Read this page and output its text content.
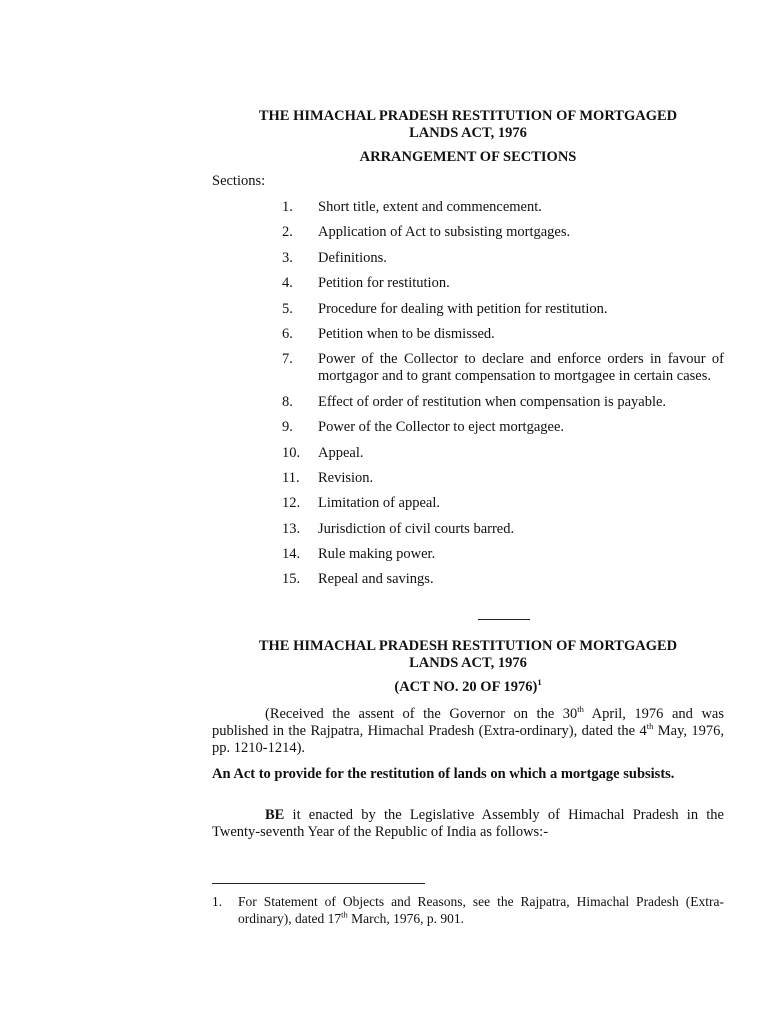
THE HIMACHAL PRADESH RESTITUTION OF MORTGAGED
LANDS ACT, 1976
ARRANGEMENT OF SECTIONS
Sections:
1.	Short title, extent and commencement.
2.	Application of Act to subsisting mortgages.
3.	Definitions.
4.	Petition for restitution.
5.	Procedure for dealing with petition for restitution.
6.	Petition when to be dismissed.
7.	Power of the Collector to declare and enforce orders in favour of mortgagor and to grant compensation to mortgagee in certain cases.
8.	Effect of order of restitution when compensation is payable.
9.	Power of the Collector to eject mortgagee.
10.	Appeal.
11.	Revision.
12.	Limitation of appeal.
13.	Jurisdiction of civil courts barred.
14.	Rule making power.
15.	Repeal and savings.
THE HIMACHAL PRADESH RESTITUTION OF MORTGAGED
LANDS ACT, 1976
(ACT NO. 20 OF 1976)$^1$
(Received the assent of the Governor on the 30th April, 1976 and was published in the Rajpatra, Himachal Pradesh (Extra-ordinary), dated the 4th May, 1976, pp. 1210-1214).
An Act to provide for the restitution of lands on which a mortgage subsists.
BE it enacted by the Legislative Assembly of Himachal Pradesh in the Twenty-seventh Year of the Republic of India as follows:-
1. For Statement of Objects and Reasons, see the Rajpatra, Himachal Pradesh (Extra-ordinary), dated 17th March, 1976, p. 901.
